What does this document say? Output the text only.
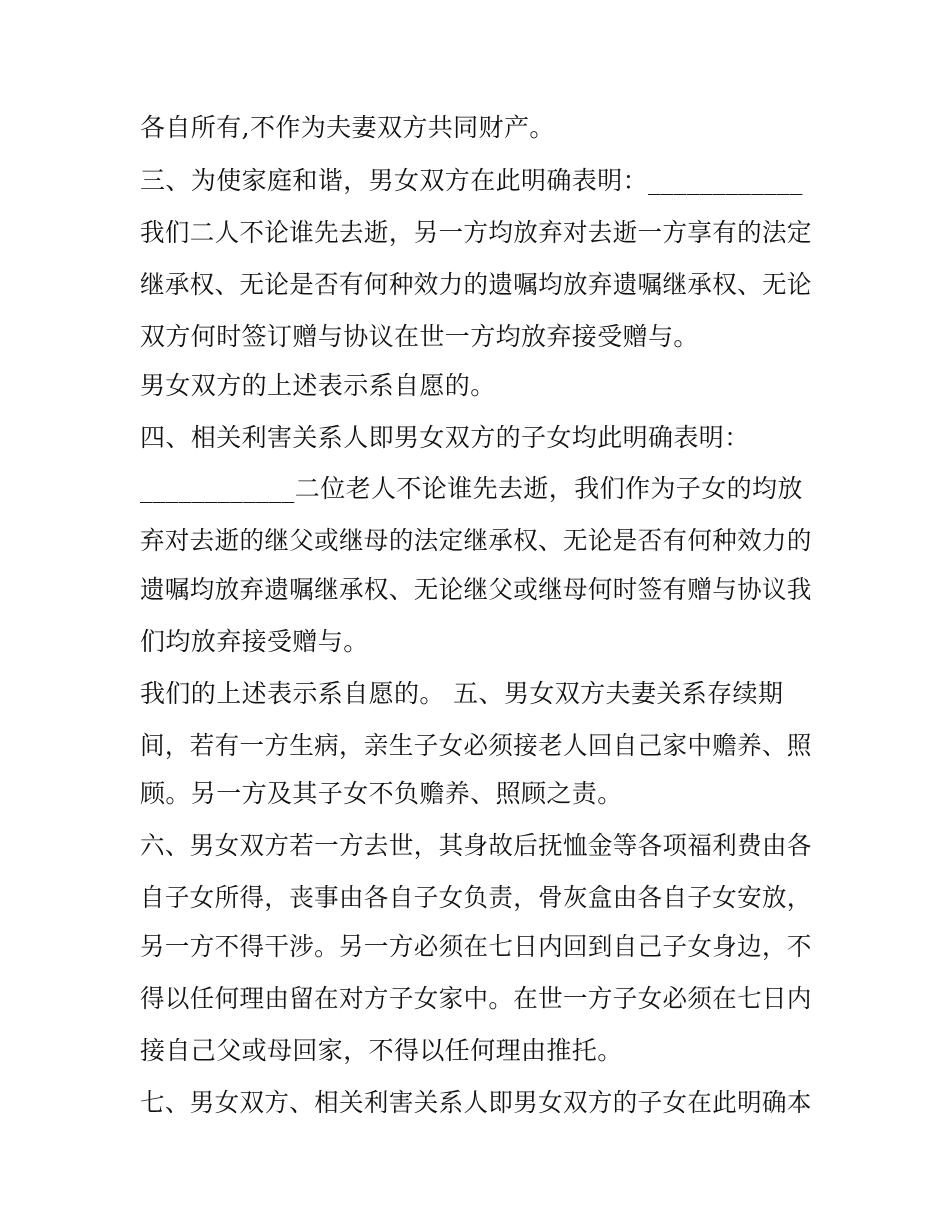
各自所有,不作为夫妻双方共同财产。
三、为使家庭和谐，男女双方在此明确表明：____________
我们二人不论谁先去逝，另一方均放弃对去逝一方享有的法定
继承权、无论是否有何种效力的遗嘱均放弃遗嘱继承权、无论
双方何时签订赠与协议在世一方均放弃接受赠与。
男女双方的上述表示系自愿的。
四、相关利害关系人即男女双方的子女均此明确表明：
____________二位老人不论谁先去逝，我们作为子女的均放
弃对去逝的继父或继母的法定继承权、无论是否有何种效力的
遗嘱均放弃遗嘱继承权、无论继父或继母何时签有赠与协议我
们均放弃接受赠与。
我们的上述表示系自愿的。 五、男女双方夫妻关系存续期
间，若有一方生病，亲生子女必须接老人回自己家中赡养、照
顾。另一方及其子女不负赡养、照顾之责。
六、男女双方若一方去世，其身故后抚恤金等各项福利费由各
自子女所得，丧事由各自子女负责，骨灰盒由各自子女安放，
另一方不得干涉。另一方必须在七日内回到自己子女身边，不
得以任何理由留在对方子女家中。在世一方子女必须在七日内
接自己父或母回家，不得以任何理由推托。
七、男女双方、相关利害关系人即男女双方的子女在此明确本
